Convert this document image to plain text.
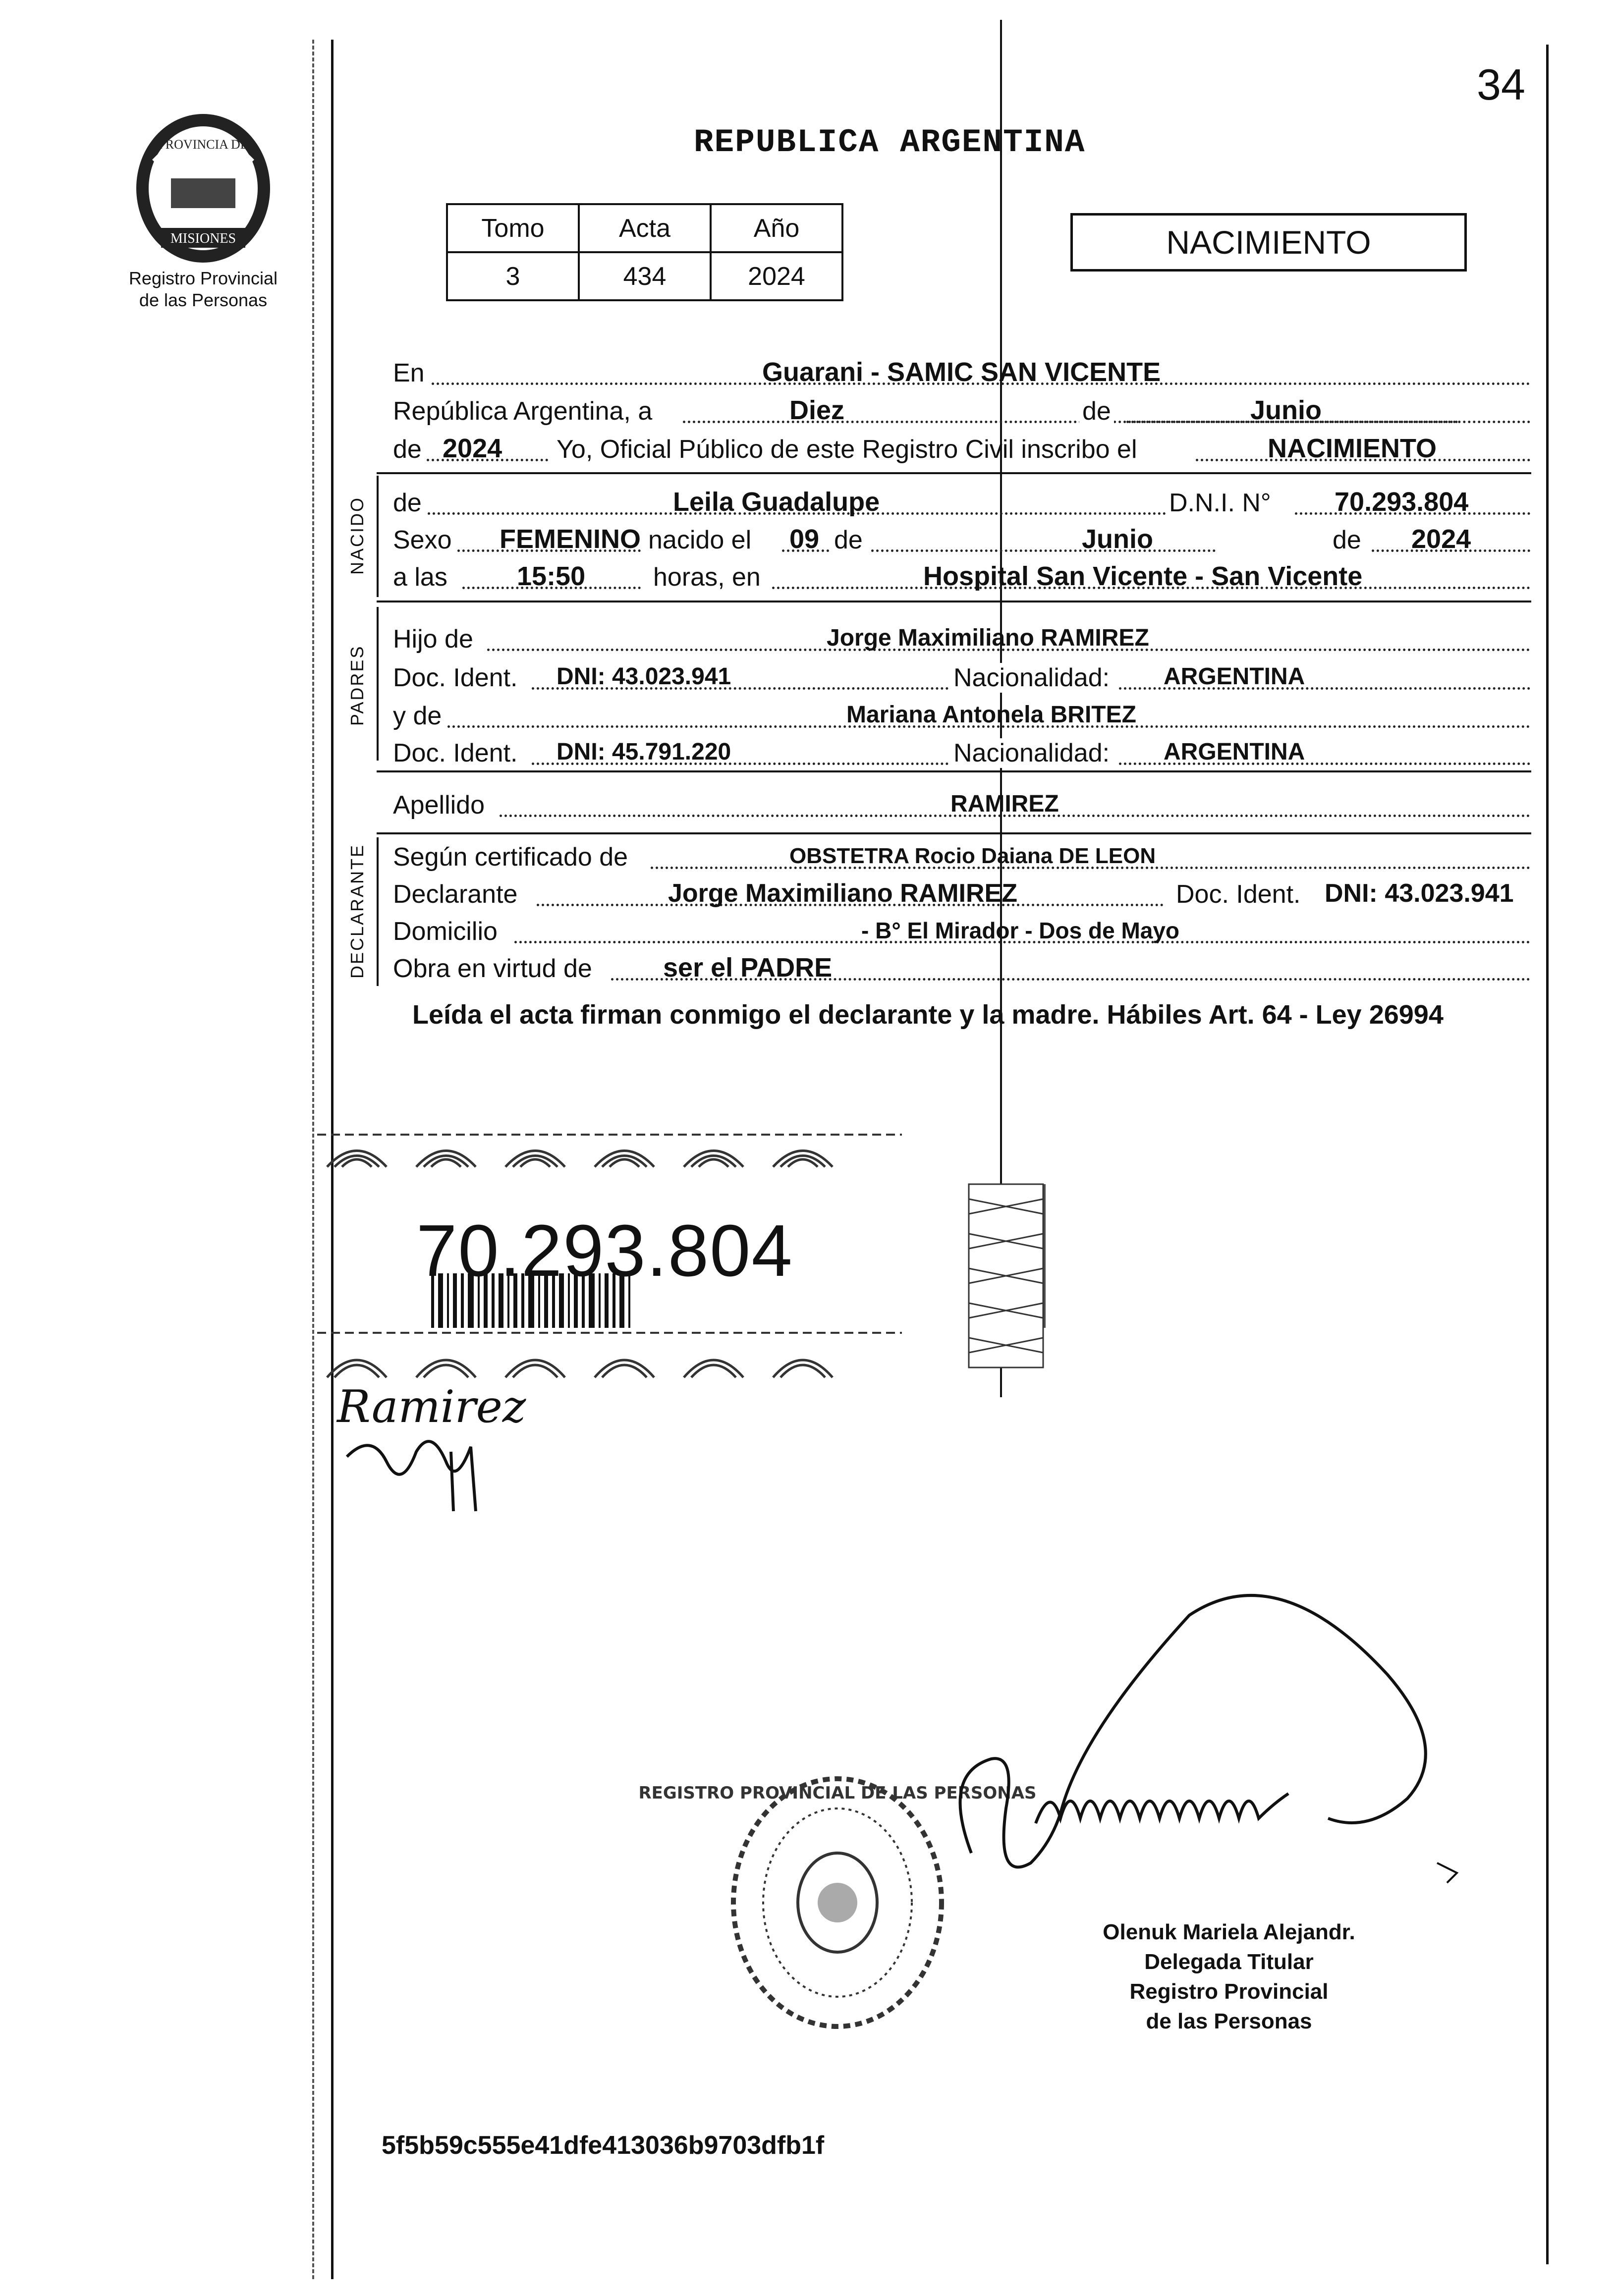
34
PROVINCIA DE
MISIONES
Registro Provincial
de las Personas
REPUBLICA ARGENTINA
Tomo	Acta	Año
3	434	2024
NACIMIENTO
En	Guarani - SAMIC SAN VICENTE
República Argentina, a	Diez	de	Junio
de 2024 Yo, Oficial Público de este Registro Civil inscribo el	NACIMIENTO
NACIDO de	Leila Guadalupe	D.N.I. N° 70.293.804
Sexo FEMENINO nacido el 09 de	Junio	de 2024
a las	15:50	horas, en	Hospital San Vicente - San Vicente
PADRES
Hijo de	Jorge Maximiliano RAMIREZ
Doc. Ident. DNI: 43.023.941	Nacionalidad: ARGENTINA
y de	Mariana Antonela BRITEZ
Doc. Ident. DNI: 45.791.220	Nacionalidad: ARGENTINA
Apellido	RAMIREZ
DECLARANTE Según certificado de	OBSTETRA Rocio Daiana DE LEON
Declarante	Jorge Maximiliano RAMIREZ	Doc. Ident. DNI: 43.023.941
Domicilio	- B° El Mirador - Dos de Mayo
Obra en virtud de	ser el PADRE
Leída el acta firman conmigo el declarante y la madre. Hábiles Art. 64 - Ley 26994
70.293.804
Ramirez
REGISTRO PROVINCIAL DE LAS PERSONAS
Olenuk Mariela Alejandr.
Delegada Titular
Registro Provincial
de las Personas
5f5b59c555e41dfe413036b9703dfb1f
